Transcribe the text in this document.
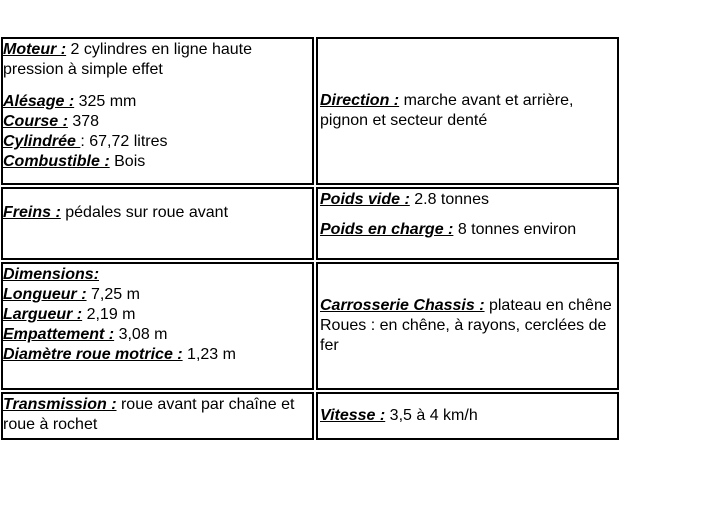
Moteur : 2 cylindres en ligne haute pression à simple effet
Alésage : 325 mm
Course : 378
Cylindrée : 67,72 litres
Combustible : Bois	Direction : marche avant et arrière, pignon et secteur denté

Freins : pédales sur roue avant	Poids vide : 2.8 tonnes
Poids en charge : 8 tonnes environ

Dimensions:
Longueur : 7,25 m
Largueur : 2,19 m
Empattement : 3,08 m
Diamètre roue motrice : 1,23 m	Carrosserie Chassis : plateau en chêne Roues : en chêne, à rayons, cerclées de fer

Transmission : roue avant par chaîne et roue à rochet	Vitesse : 3,5 à 4 km/h
